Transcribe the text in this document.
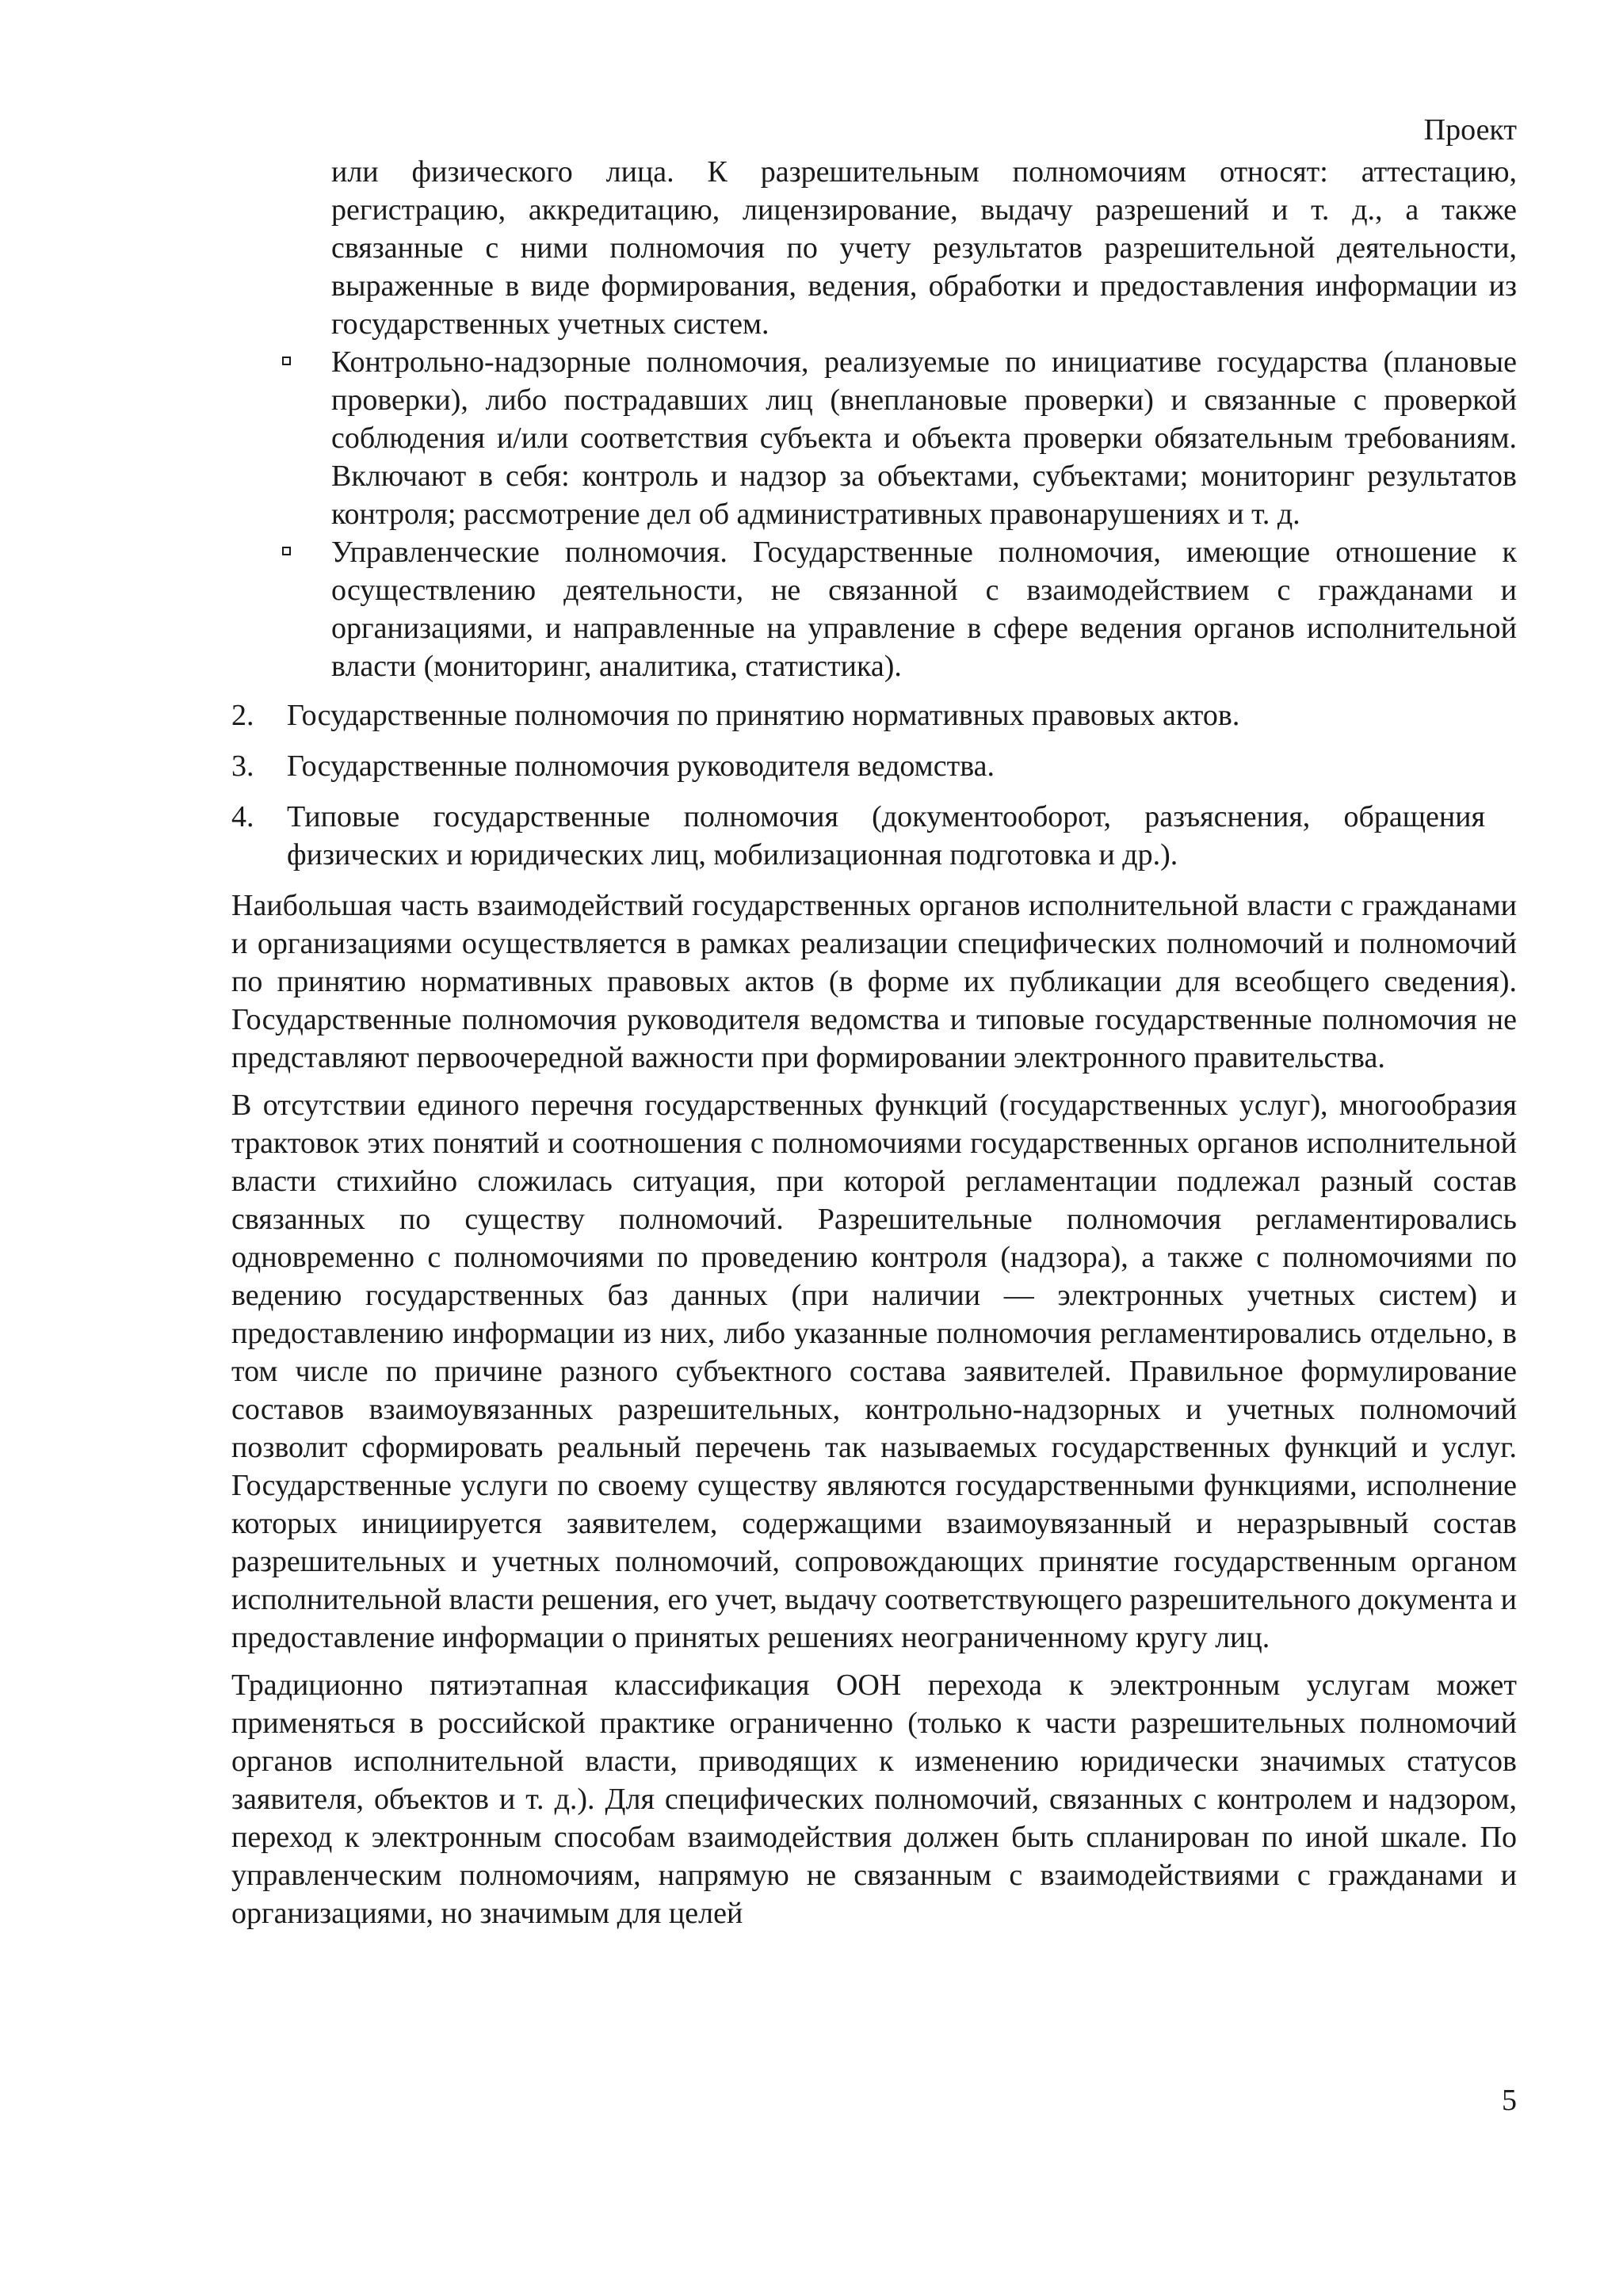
Проект

или физического лица. К разрешительным полномочиям относят: аттестацию, регистрацию, аккредитацию, лицензирование, выдачу разрешений и т. д., а также связанные с ними полномочия по учету результатов разрешительной деятельности, выраженные в виде формирования, ведения, обработки и предоставления информации из государственных учетных систем.

Контрольно-надзорные полномочия, реализуемые по инициативе государства (плановые проверки), либо пострадавших лиц (внеплановые проверки) и связанные с проверкой соблюдения и/или соответствия субъекта и объекта проверки обязательным требованиям. Включают в себя: контроль и надзор за объектами, субъектами; мониторинг результатов контроля; рассмотрение дел об административных правонарушениях и т. д.

Управленческие полномочия. Государственные полномочия, имеющие отношение к осуществлению деятельности, не связанной с взаимодействием с гражданами и организациями, и направленные на управление в сфере ведения органов исполнительной власти (мониторинг, аналитика, статистика).

2. Государственные полномочия по принятию нормативных правовых актов.

3. Государственные полномочия руководителя ведомства.

4. Типовые государственные полномочия (документооборот, разъяснения, обращения физических и юридических лиц, мобилизационная подготовка и др.).

Наибольшая часть взаимодействий государственных органов исполнительной власти с гражданами и организациями осуществляется в рамках реализации специфических полномочий и полномочий по принятию нормативных правовых актов (в форме их публикации для всеобщего сведения). Государственные полномочия руководителя ведомства и типовые государственные полномочия не представляют первоочередной важности при формировании электронного правительства.

В отсутствии единого перечня государственных функций (государственных услуг), многообразия трактовок этих понятий и соотношения с полномочиями государственных органов исполнительной власти стихийно сложилась ситуация, при которой регламентации подлежал разный состав связанных по существу полномочий. Разрешительные полномочия регламентировались одновременно с полномочиями по проведению контроля (надзора), а также с полномочиями по ведению государственных баз данных (при наличии — электронных учетных систем) и предоставлению информации из них, либо указанные полномочия регламентировались отдельно, в том числе по причине разного субъектного состава заявителей. Правильное формулирование составов взаимоувязанных разрешительных, контрольно-надзорных и учетных полномочий позволит сформировать реальный перечень так называемых государственных функций и услуг. Государственные услуги по своему существу являются государственными функциями, исполнение которых инициируется заявителем, содержащими взаимоувязанный и неразрывный состав разрешительных и учетных полномочий, сопровождающих принятие государственным органом исполнительной власти решения, его учет, выдачу соответствующего разрешительного документа и предоставление информации о принятых решениях неограниченному кругу лиц.

Традиционно пятиэтапная классификация ООН перехода к электронным услугам может применяться в российской практике ограниченно (только к части разрешительных полномочий органов исполнительной власти, приводящих к изменению юридически значимых статусов заявителя, объектов и т. д.). Для специфических полномочий, связанных с контролем и надзором, переход к электронным способам взаимодействия должен быть спланирован по иной шкале. По управленческим полномочиям, напрямую не связанным с взаимодействиями с гражданами и организациями, но значимым для целей

5
